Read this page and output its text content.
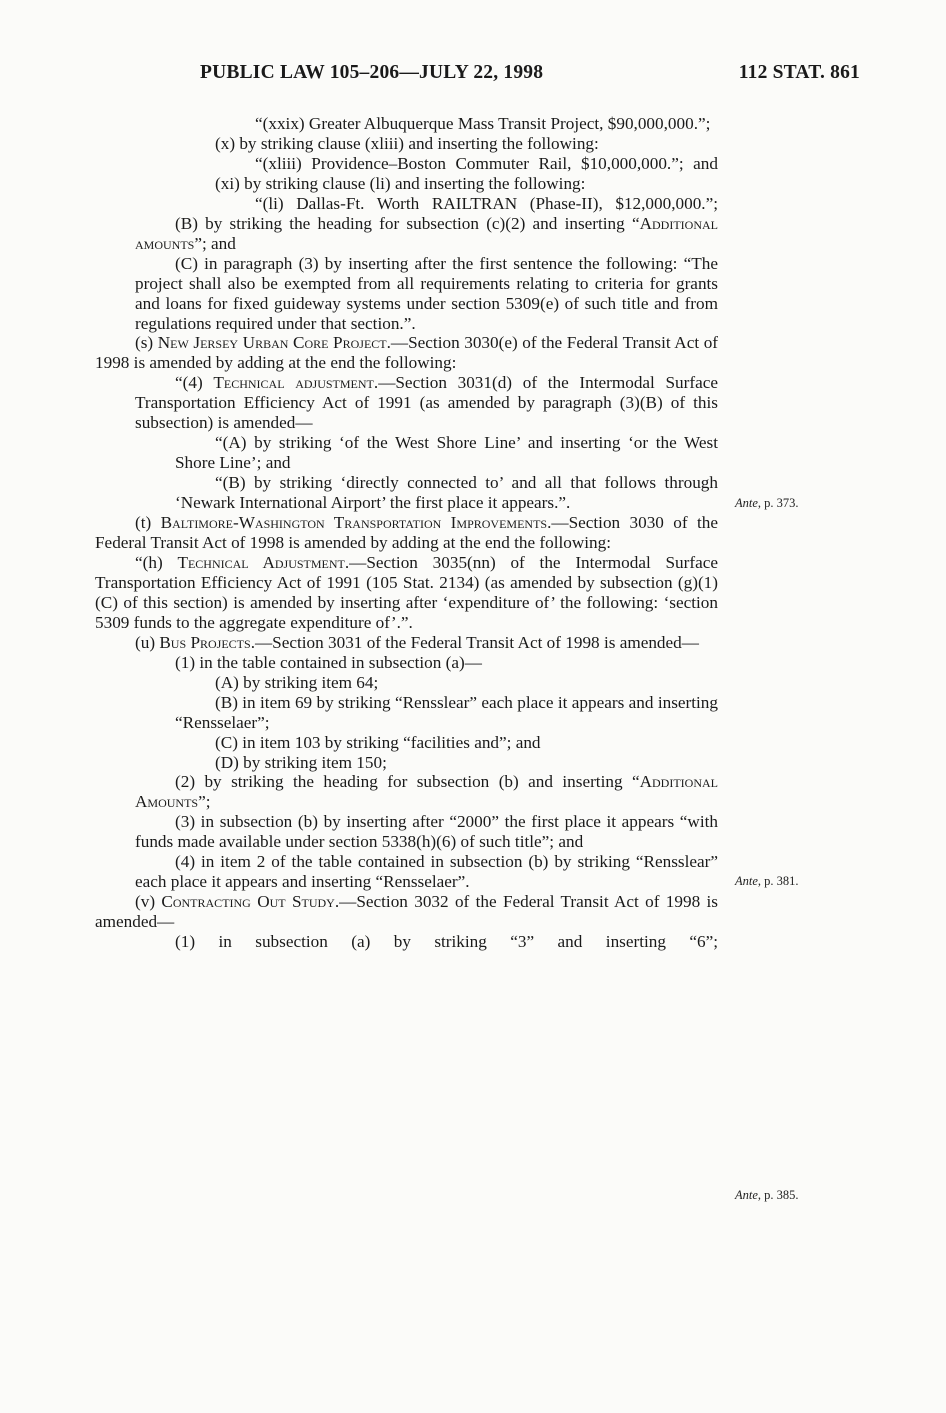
PUBLIC LAW 105–206—JULY 22, 1998	112 STAT. 861

“(xxix) Greater Albuquerque Mass Transit Project, $90,000,000.”;

(x) by striking clause (xliii) and inserting the following:

“(xliii) Providence–Boston Commuter Rail, $10,000,000.”; and

(xi) by striking clause (li) and inserting the following:

“(li) Dallas-Ft. Worth RAILTRAN (Phase-II), $12,000,000.”;

(B) by striking the heading for subsection (c)(2) and inserting “Additional amounts”; and

(C) in paragraph (3) by inserting after the first sentence the following: “The project shall also be exempted from all requirements relating to criteria for grants and loans for fixed guideway systems under section 5309(e) of such title and from regulations required under that section.”.

(s) New Jersey Urban Core Project.—Section 3030(e) of the Federal Transit Act of 1998 is amended by adding at the end the following:

“(4) Technical adjustment.—Section 3031(d) of the Intermodal Surface Transportation Efficiency Act of 1991 (as amended by paragraph (3)(B) of this subsection) is amended—

“(A) by striking ‘of the West Shore Line’ and inserting ‘or the West Shore Line’; and

“(B) by striking ‘directly connected to’ and all that follows through ‘Newark International Airport’ the first place it appears.”.

(t) Baltimore-Washington Transportation Improvements.—Section 3030 of the Federal Transit Act of 1998 is amended by adding at the end the following:

“(h) Technical Adjustment.—Section 3035(nn) of the Intermodal Surface Transportation Efficiency Act of 1991 (105 Stat. 2134) (as amended by subsection (g)(1)(C) of this section) is amended by inserting after ‘expenditure of’ the following: ‘section 5309 funds to the aggregate expenditure of’.”.

(u) Bus Projects.—Section 3031 of the Federal Transit Act of 1998 is amended—

(1) in the table contained in subsection (a)—

(A) by striking item 64;

(B) in item 69 by striking “Rensslear” each place it appears and inserting “Rensselaer”;

(C) in item 103 by striking “facilities and”; and

(D) by striking item 150;

(2) by striking the heading for subsection (b) and inserting “Additional Amounts”;

(3) in subsection (b) by inserting after “2000” the first place it appears “with funds made available under section 5338(h)(6) of such title”; and

(4) in item 2 of the table contained in subsection (b) by striking “Rensslear” each place it appears and inserting “Rensselaer”.

(v) Contracting Out Study.—Section 3032 of the Federal Transit Act of 1998 is amended—

(1) in subsection (a) by striking “3” and inserting “6”;

Ante, p. 373.
Ante, p. 381.
Ante, p. 385.
